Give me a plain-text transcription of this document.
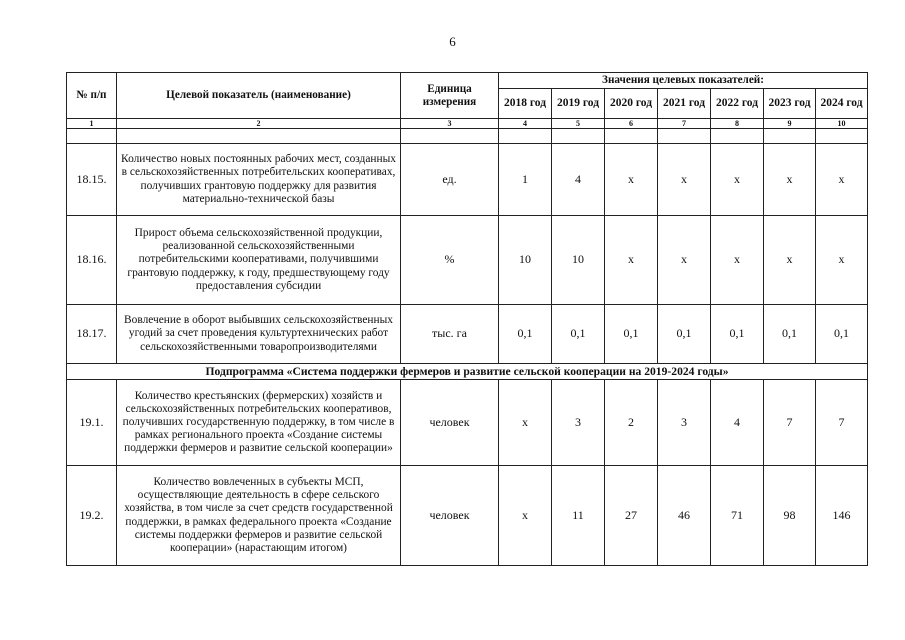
6
№ п/п	Целевой показатель (наименование)	Единица измерения	Значения целевых показателей:						
			2018 год	2019 год	2020 год	2021 год	2022 год	2023 год	2024 год
1	2	3	4	5	6	7	8	9	10

18.15.	Количество новых постоянных рабочих мест, созданных в сельскохозяйственных потребительских кооперативах, получивших грантовую поддержку для развития материально-технической базы	ед.	1	4	x	x	x	x	x
18.16.	Прирост объема сельскохозяйственной продукции, реализованной сельскохозяйственными потребительскими кооперативами, получившими грантовую поддержку, к году, предшествующему году предоставления субсидии	%	10	10	x	x	x	x	x
18.17.	Вовлечение в оборот выбывших сельскохозяйственных угодий за счет проведения культуртехнических работ сельскохозяйственными товаропроизводителями	тыс. га	0,1	0,1	0,1	0,1	0,1	0,1	0,1
Подпрограмма «Система поддержки фермеров и развитие сельской кооперации на 2019-2024 годы»									
19.1.	Количество крестьянских (фермерских) хозяйств и сельскохозяйственных потребительских кооперативов, получивших государственную поддержку, в том числе в рамках регионального проекта «Создание системы поддержки фермеров и развитие сельской кооперации»	человек	x	3	2	3	4	7	7
19.2.	Количество вовлеченных в субъекты МСП, осуществляющие деятельность в сфере сельского хозяйства, в том числе за счет средств государственной поддержки, в рамках федерального проекта «Создание системы поддержки фермеров и развитие сельской кооперации» (нарастающим итогом)	человек	x	11	27	46	71	98	146
